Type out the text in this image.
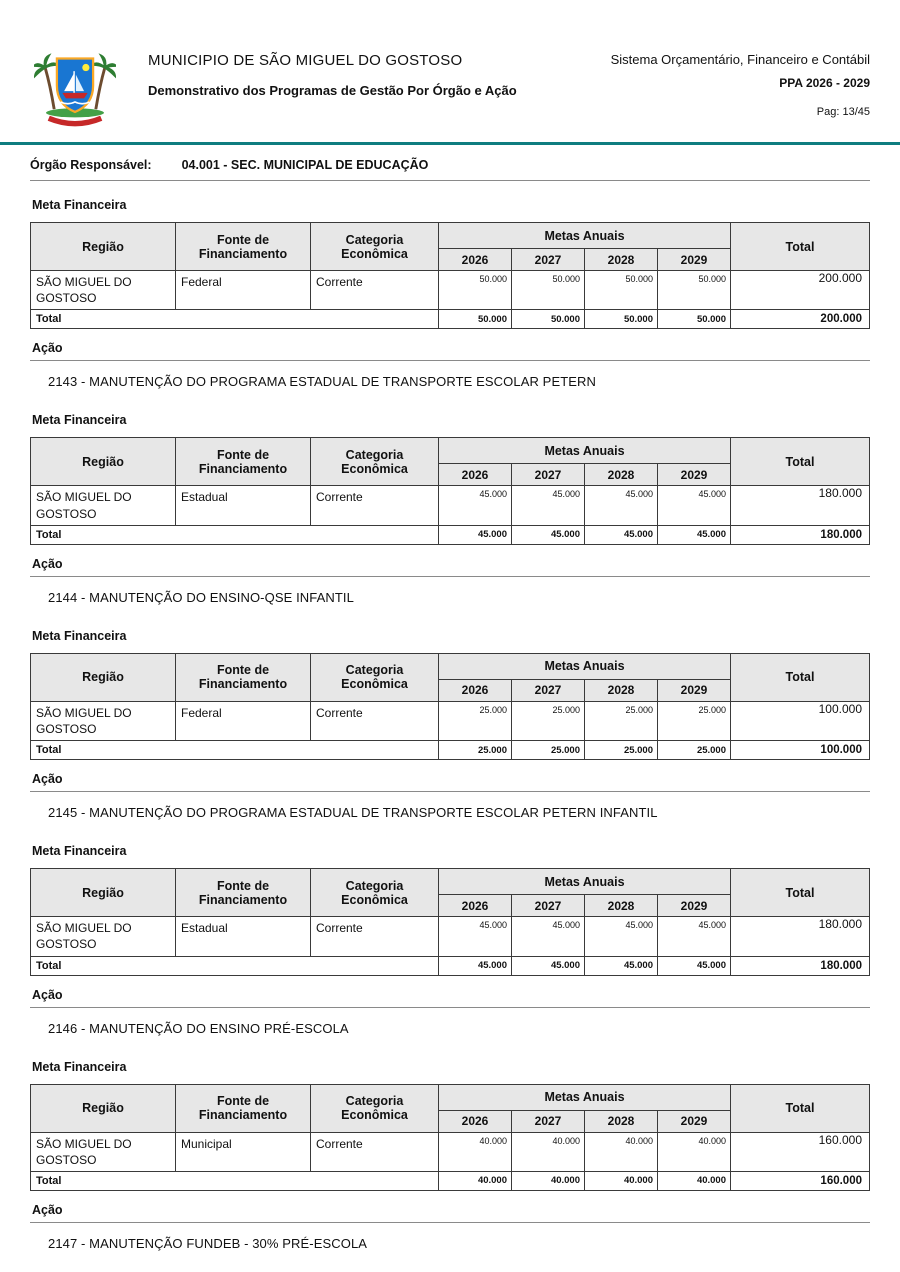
MUNICIPIO DE SÃO MIGUEL DO GOSTOSO
Demonstrativo dos Programas de Gestão Por Órgão e Ação
Sistema Orçamentário, Financeiro e Contábil
PPA 2026 - 2029
Pag: 13/45
Órgão Responsável: 04.001 - SEC. MUNICIPAL DE EDUCAÇÃO
Meta Financeira
Região	Fonte de Financiamento	Categoria Econômica	Metas Anuais				Total
			2026	2027	2028	2029	
SÃO MIGUEL DO GOSTOSO	Federal	Corrente	50.000	50.000	50.000	50.000	200.000
Total			50.000	50.000	50.000	50.000	200.000
Ação
2143 - MANUTENÇÃO DO PROGRAMA ESTADUAL DE TRANSPORTE ESCOLAR PETERN
Meta Financeira
Região	Fonte de Financiamento	Categoria Econômica	Metas Anuais				Total
			2026	2027	2028	2029	
SÃO MIGUEL DO GOSTOSO	Estadual	Corrente	45.000	45.000	45.000	45.000	180.000
Total			45.000	45.000	45.000	45.000	180.000
Ação
2144 - MANUTENÇÃO DO ENSINO-QSE INFANTIL
Meta Financeira
Região	Fonte de Financiamento	Categoria Econômica	Metas Anuais				Total
			2026	2027	2028	2029	
SÃO MIGUEL DO GOSTOSO	Federal	Corrente	25.000	25.000	25.000	25.000	100.000
Total			25.000	25.000	25.000	25.000	100.000
Ação
2145 - MANUTENÇÃO DO PROGRAMA ESTADUAL DE TRANSPORTE ESCOLAR PETERN INFANTIL
Meta Financeira
Região	Fonte de Financiamento	Categoria Econômica	Metas Anuais				Total
			2026	2027	2028	2029	
SÃO MIGUEL DO GOSTOSO	Estadual	Corrente	45.000	45.000	45.000	45.000	180.000
Total			45.000	45.000	45.000	45.000	180.000
Ação
2146 - MANUTENÇÃO DO ENSINO PRÉ-ESCOLA
Meta Financeira
Região	Fonte de Financiamento	Categoria Econômica	Metas Anuais				Total
			2026	2027	2028	2029	
SÃO MIGUEL DO GOSTOSO	Municipal	Corrente	40.000	40.000	40.000	40.000	160.000
Total			40.000	40.000	40.000	40.000	160.000
Ação
2147 - MANUTENÇÃO FUNDEB - 30% PRÉ-ESCOLA
